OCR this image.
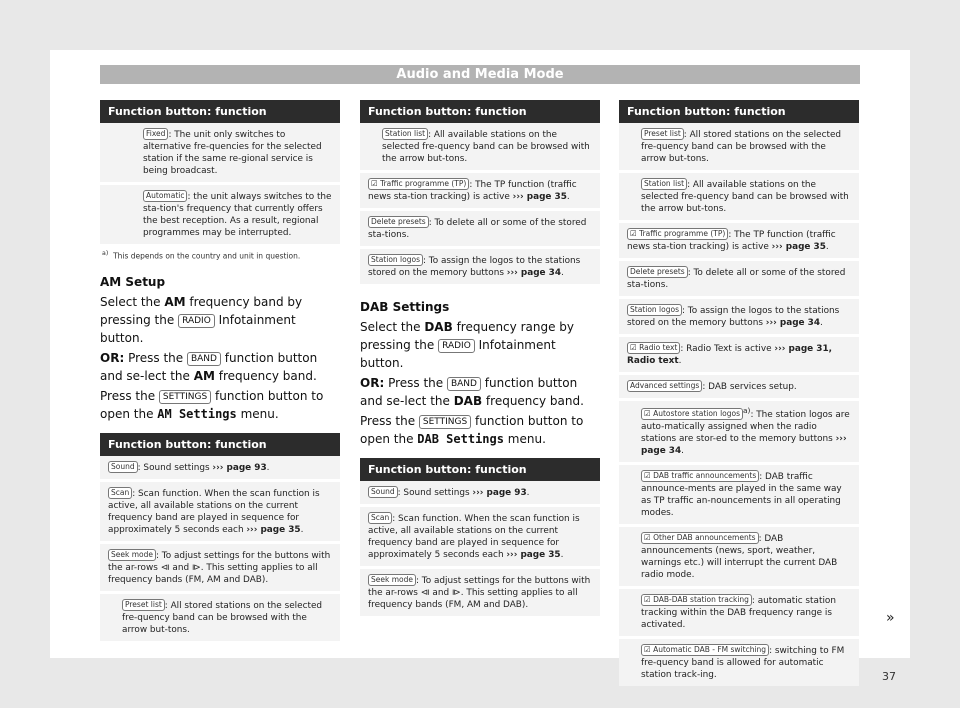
Audio and Media Mode
Function button: function
Fixed : The unit only switches to alternative fre-quencies for the selected station if the same re-gional service is being broadcast.
Automatic : the unit always switches to the sta-tion's frequency that currently offers the best reception. As a result, regional programmes may be interrupted.
$^{a)}$ This depends on the country and unit in question.
AM Setup

Select the AM frequency band by pressing the RADIO Infotainment button.

OR: Press the BAND function button and se-lect the AM frequency band.

Press the SETTINGS function button to open the AM Settings menu.

Function button: function
Sound : Sound settings ››› page 93.
Scan : Scan function. When the scan function is active, all available stations on the current frequency band are played in sequence for approximately 5 seconds each ››› page 35.
Seek mode : To adjust settings for the buttons with the ar-rows ⧏ and ⧐. This setting applies to all frequency bands (FM, AM and DAB).
Preset list : All stored stations on the selected fre-quency band can be browsed with the arrow but-tons.
Function button: function
Station list : All available stations on the selected fre-quency band can be browsed with the arrow but-tons.
☑ Traffic programme (TP) : The TP function (traffic news sta-tion tracking) is active ››› page 35.
Delete presets : To delete all or some of the stored sta-tions.
Station logos : To assign the logos to the stations stored on the memory buttons ››› page 34.
DAB Settings

Select the DAB frequency range by pressing the RADIO Infotainment button.

OR: Press the BAND function button and se-lect the DAB frequency band.

Press the SETTINGS function button to open the DAB Settings menu.

Function button: function
Sound : Sound settings ››› page 93.
Scan : Scan function. When the scan function is active, all available stations on the current frequency band are played in sequence for approximately 5 seconds each ››› page 35.
Seek mode : To adjust settings for the buttons with the ar-rows ⧏ and ⧐. This setting applies to all frequency bands (FM, AM and DAB).
Function button: function
Preset list : All stored stations on the selected fre-quency band can be browsed with the arrow but-tons.
Station list : All available stations on the selected fre-quency band can be browsed with the arrow but-tons.
☑ Traffic programme (TP) : The TP function (traffic news sta-tion tracking) is active ››› page 35.
Delete presets : To delete all or some of the stored sta-tions.
Station logos : To assign the logos to the stations stored on the memory buttons ››› page 34.
☑ Radio text : Radio Text is active ››› page 31, Radio text.
Advanced settings : DAB services setup.
☑ Autostore station logos $^{a)}$: The station logos are auto-matically assigned when the radio stations are stor-ed to the memory buttons ››› page 34.
☑ DAB traffic announcements : DAB traffic announce-ments are played in the same way as TP traffic an-nouncements in all operating modes.
☑ Other DAB announcements : DAB announcements (news, sport, weather, warnings etc.) will interrupt the current DAB radio mode.
☑ DAB-DAB station tracking : automatic station tracking within the DAB frequency range is activated.
☑ Automatic DAB - FM switching : switching to FM fre-quency band is allowed for automatic station track-ing.
»
37
